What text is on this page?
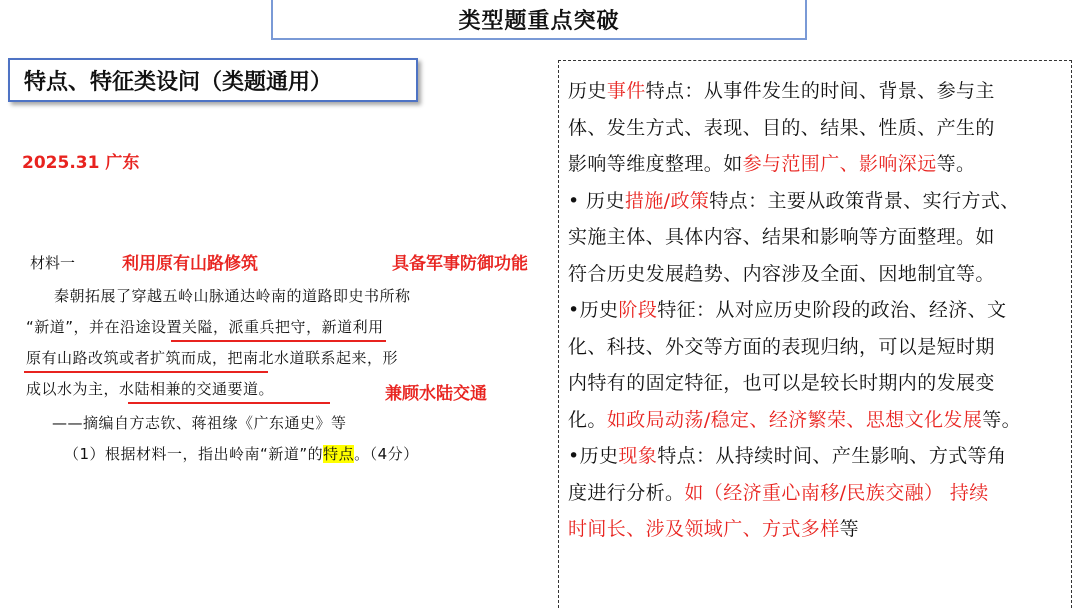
类型题重点突破
特点、特征类设问（类题通用）
2025.31 广东
材料一	利用原有山路修筑	具备军事防御功能
兼顾水陆交通
秦朝拓展了穿越五岭山脉通达岭南的道路即史书所称
“新道”，并在沿途设置关隘，派重兵把守，新道利用
原有山路改筑或者扩筑而成，把南北水道联系起来，形
成以水为主，水陆相兼的交通要道。
——摘编自方志钦、蒋祖缘《广东通史》等
（1）根据材料一，指出岭南“新道”的特点。（4分）
历史事件特点：从事件发生的时间、背景、参与主
体、发生方式、表现、目的、结果、性质、产生的
影响等维度整理。如参与范围广、影响深远等。
• 历史措施/政策特点：主要从政策背景、实行方式、
实施主体、具体内容、结果和影响等方面整理。如
符合历史发展趋势、内容涉及全面、因地制宜等。
•历史阶段特征：从对应历史阶段的政治、经济、文
化、科技、外交等方面的表现归纳，可以是短时期
内特有的固定特征，也可以是较长时期内的发展变
化。如政局动荡/稳定、经济繁荣、思想文化发展等。
•历史现象特点：从持续时间、产生影响、方式等角
度进行分析。如（经济重心南移/民族交融） 持续
时间长、涉及领域广、方式多样等
